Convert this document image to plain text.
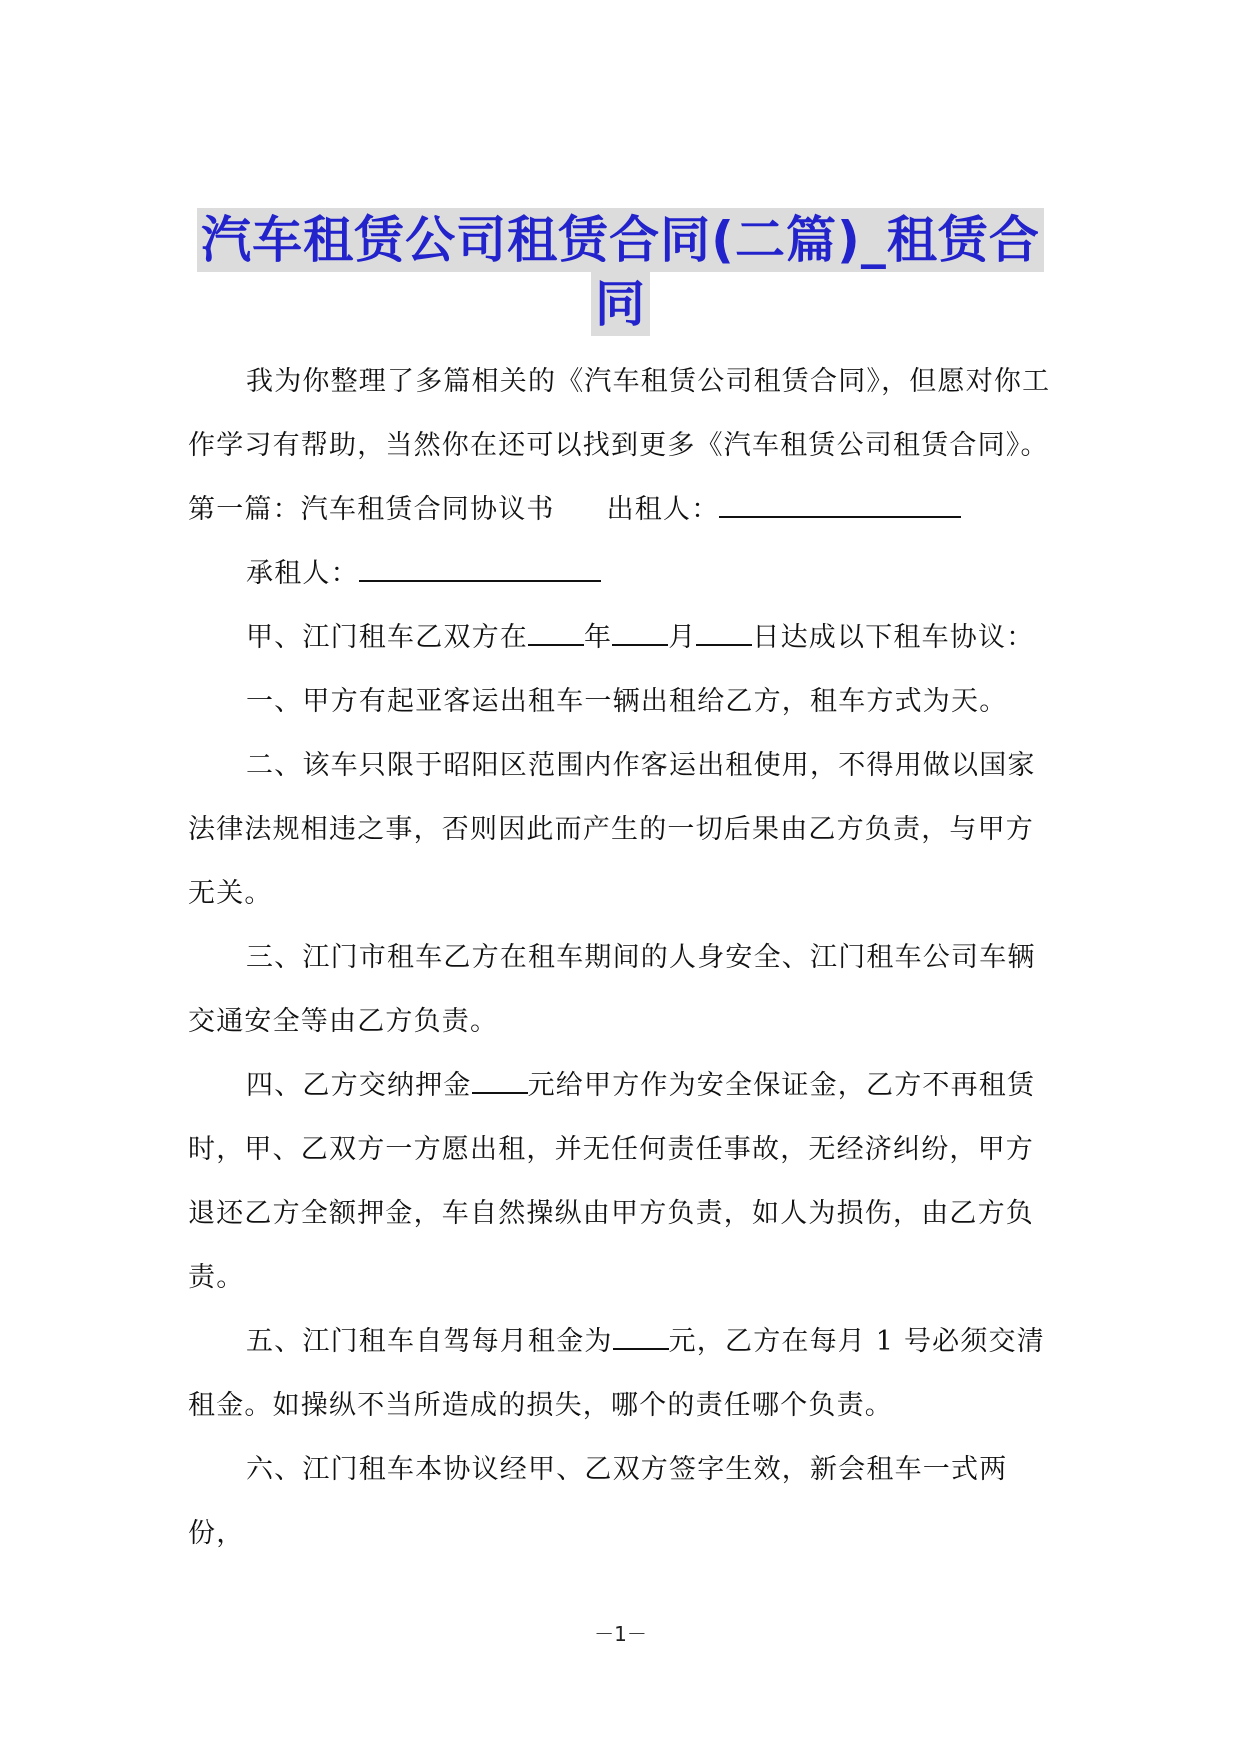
汽车租赁公司租赁合同(二篇)_租赁合
同

我为你整理了多篇相关的《汽车租赁公司租赁合同》，但愿对你工作学习有帮助，当然你在还可以找到更多《汽车租赁公司租赁合同》。

第一篇：汽车租赁合同协议书 出租人：

承租人：

甲、江门租车乙双方在 年 月 日达成以下租车协议：

一、甲方有起亚客运出租车一辆出租给乙方，租车方式为天。

二、该车只限于昭阳区范围内作客运出租使用，不得用做以国家法律法规相违之事，否则因此而产生的一切后果由乙方负责，与甲方无关。

三、江门市租车乙方在租车期间的人身安全、江门租车公司车辆交通安全等由乙方负责。

四、乙方交纳押金 元给甲方作为安全保证金，乙方不再租赁时，甲、乙双方一方愿出租，并无任何责任事故，无经济纠纷，甲方退还乙方全额押金，车自然操纵由甲方负责，如人为损伤，由乙方负责。

五、江门租车自驾每月租金为 元，乙方在每月 1 号必须交清租金。如操纵不当所造成的损失，哪个的责任哪个负责。

六、江门租车本协议经甲、乙双方签字生效，新会租车一式两份，

－1－
